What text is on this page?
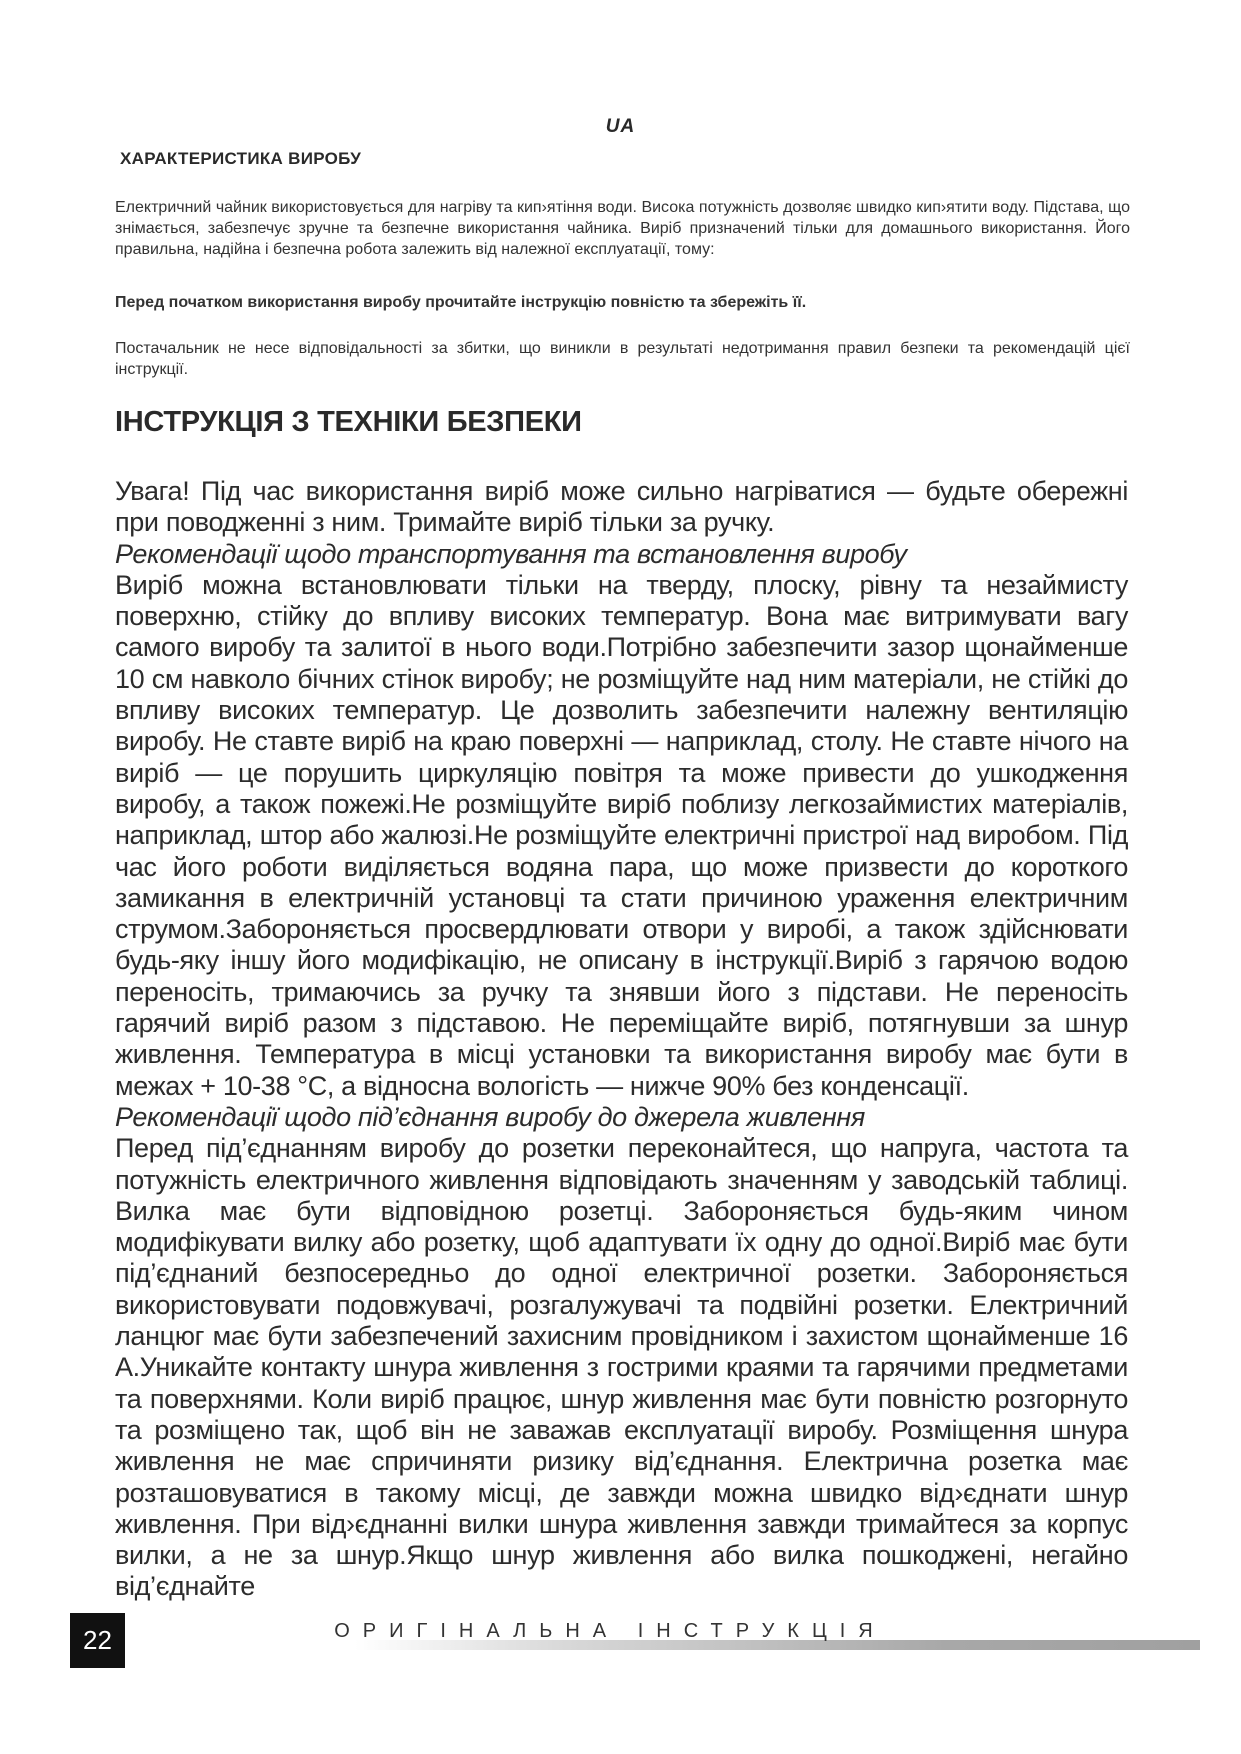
UA
ХАРАКТЕРИСТИКА ВИРОБУ
Електричний чайник використовується для нагріву та кип›ятіння води. Висока потужність дозволяє швидко кип›ятити воду. Підстава, що знімається, забезпечує зручне та безпечне використання чайника. Виріб призначений тільки для домашнього використання. Його правильна, надійна і безпечна робота залежить від належної експлуатації, тому:
Перед початком використання виробу прочитайте інструкцію повністю та збережіть її.
Постачальник не несе відповідальності за збитки, що виникли в результаті недотримання правил безпеки та рекомендацій цієї інструкції.
ІНСТРУКЦІЯ З ТЕХНІКИ БЕЗПЕКИ

Увага! Під час використання виріб може сильно нагріватися — будьте обережні при поводженні з ним. Тримайте виріб тільки за ручку.

Рекомендації щодо транспортування та встановлення виробу

Виріб можна встановлювати тільки на тверду, плоску, рівну та незаймисту поверхню, стійку до впливу високих температур. Вона має витримувати вагу самого виробу та залитої в нього води.Потрібно забезпечити зазор щонайменше 10 см навколо бічних стінок виробу; не розміщуйте над ним матеріали, не стійкі до впливу високих температур. Це дозволить забезпечити належну вентиляцію виробу. Не ставте виріб на краю поверхні — наприклад, столу. Не ставте нічого на виріб — це порушить циркуляцію повітря та може привести до ушкодження виробу, а також пожежі.Не розміщуйте виріб поблизу легкозаймистих матеріалів, наприклад, штор або жалюзі.Не розміщуйте електричні пристрої над виробом. Під час його роботи виділяється водяна пара, що може призвести до короткого замикання в електричній установці та стати причиною ураження електричним струмом.Забороняється просвердлювати отвори у виробі, а також здійснювати будь-яку іншу його модифікацію, не описану в інструкції.Виріб з гарячою водою переносіть, тримаючись за ручку та знявши його з підстави. Не переносіть гарячий виріб разом з підставою. Не переміщайте виріб, потягнувши за шнур живлення. Температура в місці установки та використання виробу має бути в межах + 10-38 °C, а відносна вологість — нижче 90% без конденсації.

Рекомендації щодо під’єднання виробу до джерела живлення

Перед під’єднанням виробу до розетки переконайтеся, що напруга, частота та потужність електричного живлення відповідають значенням у заводській таблиці. Вилка має бути відповідною розетці. Забороняється будь-яким чином модифікувати вилку або розетку, щоб адаптувати їх одну до одної.Виріб має бути під’єднаний безпосередньо до одної електричної розетки. Забороняється використовувати подовжувачі, розгалужувачі та подвійні розетки. Електричний ланцюг має бути забезпечений захисним провідником і захистом щонайменше 16 А.Уникайте контакту шнура живлення з гострими краями та гарячими предметами та поверхнями. Коли виріб працює, шнур живлення має бути повністю розгорнуто та розміщено так, щоб він не заважав експлуатації виробу. Розміщення шнура живлення не має спричиняти ризику від’єднання. Електрична розетка має розташовуватися в такому місці, де завжди можна швидко від›єднати шнур живлення. При від›єднанні вилки шнура живлення завжди тримайтеся за корпус вилки, а не за шнур.Якщо шнур живлення або вилка пошкоджені, негайно від’єднайте

22	ОРИГІНАЛЬНА ІНСТРУКЦІЯ
